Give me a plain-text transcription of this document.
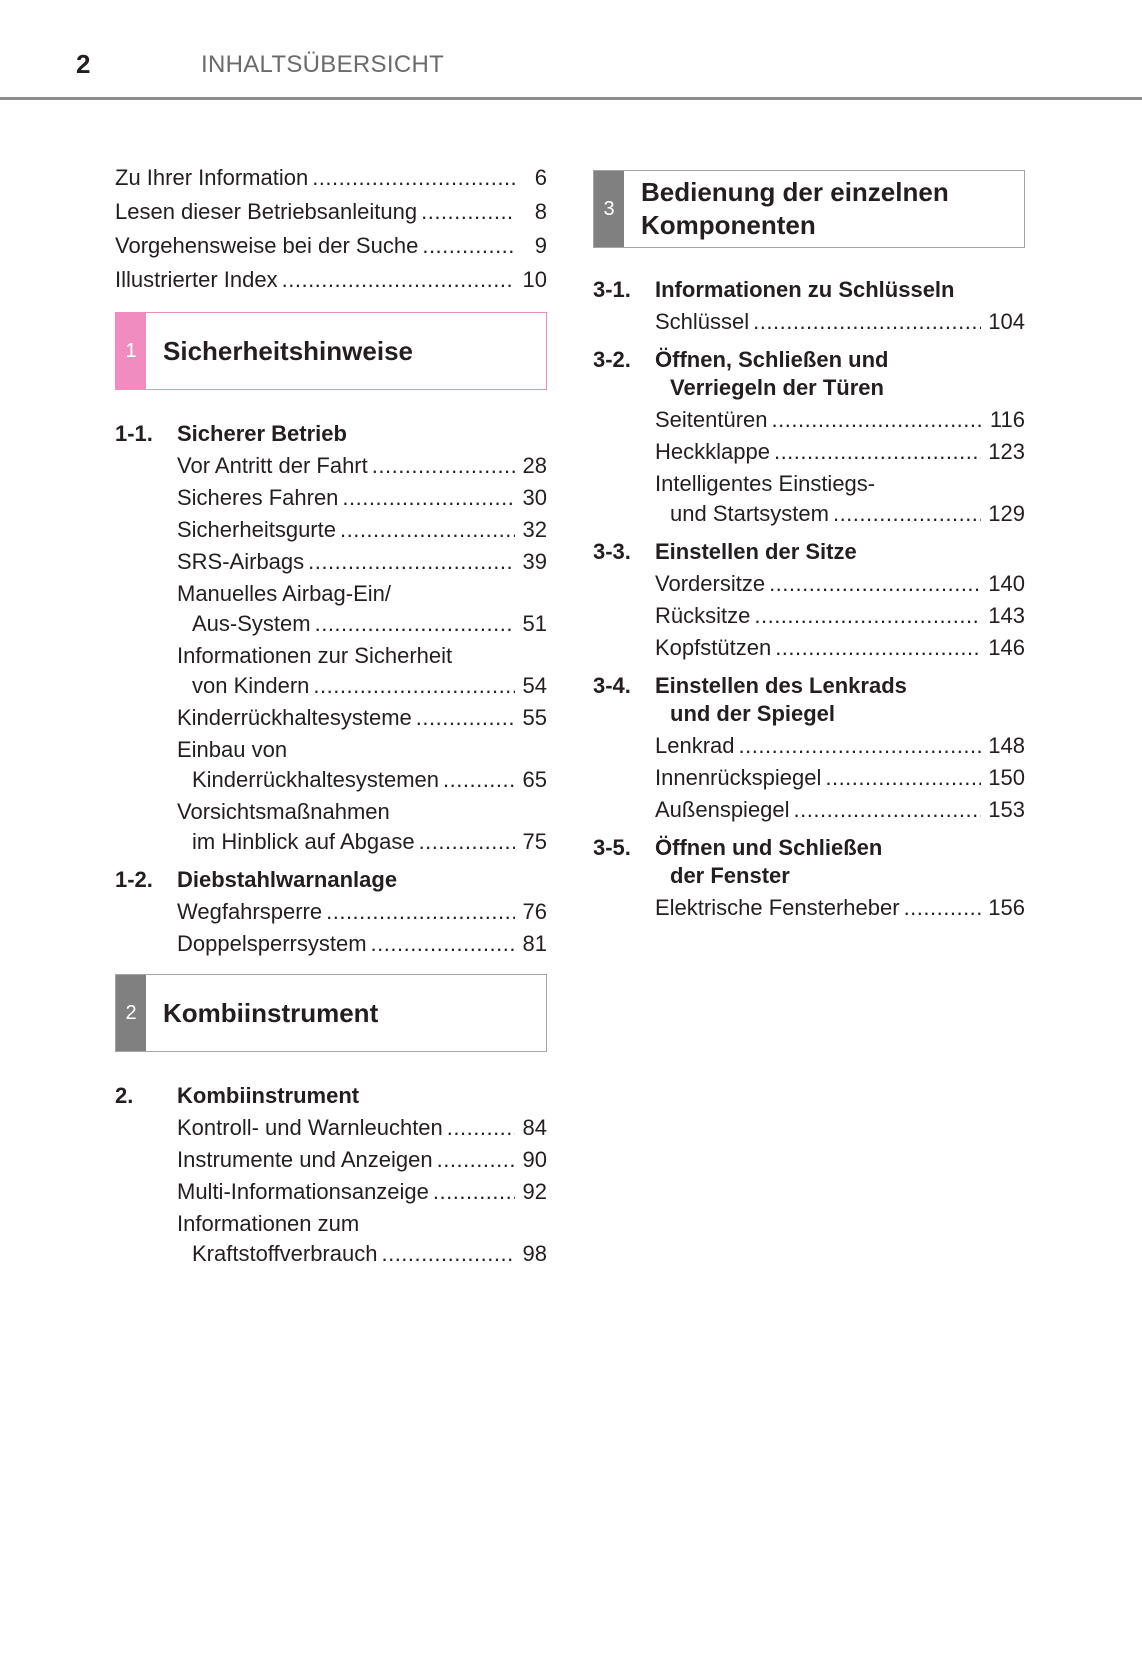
2	INHALTSÜBERSICHT
Zu Ihrer Information .....	6
Lesen dieser Betriebsanleitung .....	8
Vorgehensweise bei der Suche .....	9
Illustrierter Index .....	10
1	Sicherheitshinweise
1-1.	Sicherer Betrieb
Vor Antritt der Fahrt .....	28
Sicheres Fahren .....	30
Sicherheitsgurte .....	32
SRS-Airbags .....	39
Manuelles Airbag-Ein/
Aus-System .....	51
Informationen zur Sicherheit
von Kindern .....	54
Kinderrückhaltesysteme .....	55
Einbau von
Kinderrückhaltesystemen .....	65
Vorsichtsmaßnahmen
im Hinblick auf Abgase .....	75
1-2.	Diebstahlwarnanlage
Wegfahrsperre .....	76
Doppelsperrsystem .....	81
2	Kombiinstrument
2.	Kombiinstrument
Kontroll- und Warnleuchten .....	84
Instrumente und Anzeigen .....	90
Multi-Informationsanzeige .....	92
Informationen zum
Kraftstoffverbrauch .....	98
3
Bedienung der einzelnen
Komponenten
3-1.	Informationen zu Schlüsseln
Schlüssel .....	104
3-2.	Öffnen, Schließen und
Verriegeln der Türen
Seitentüren .....	116
Heckklappe .....	123
Intelligentes Einstiegs-
und Startsystem .....	129
3-3.	Einstellen der Sitze
Vordersitze .....	140
Rücksitze .....	143
Kopfstützen .....	146
3-4.	Einstellen des Lenkrads
und der Spiegel
Lenkrad .....	148
Innenrückspiegel .....	150
Außenspiegel .....	153
3-5.	Öffnen und Schließen
der Fenster
Elektrische Fensterheber .....	156
